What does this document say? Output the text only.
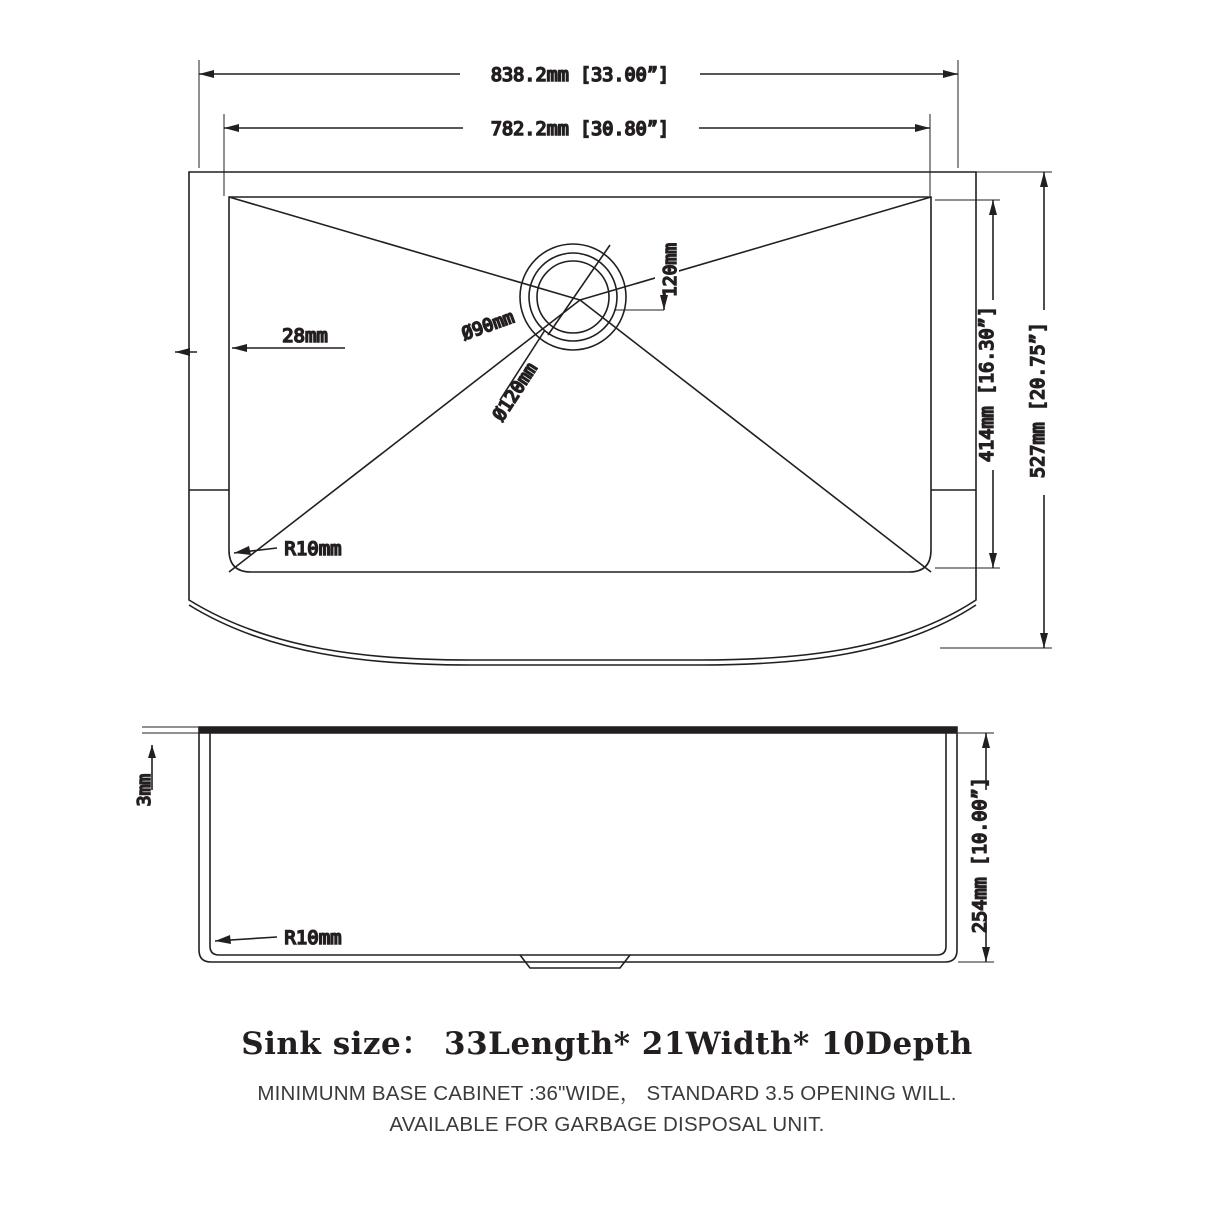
838.2mm [33.00”]
782.2mm [30.80”]
414mm [16.30”] 527mm [20.75”]
28mm
120mm
Ø90mm
Ø120mm
R10mm
3mm	254mm [10.00”]
R10mm
Sink size： 33Length* 21Width* 10Depth
MINIMUNM BASE CABINET :36"WIDE， STANDARD 3.5 OPENING WILL.
AVAILABLE FOR GARBAGE DISPOSAL UNIT.
